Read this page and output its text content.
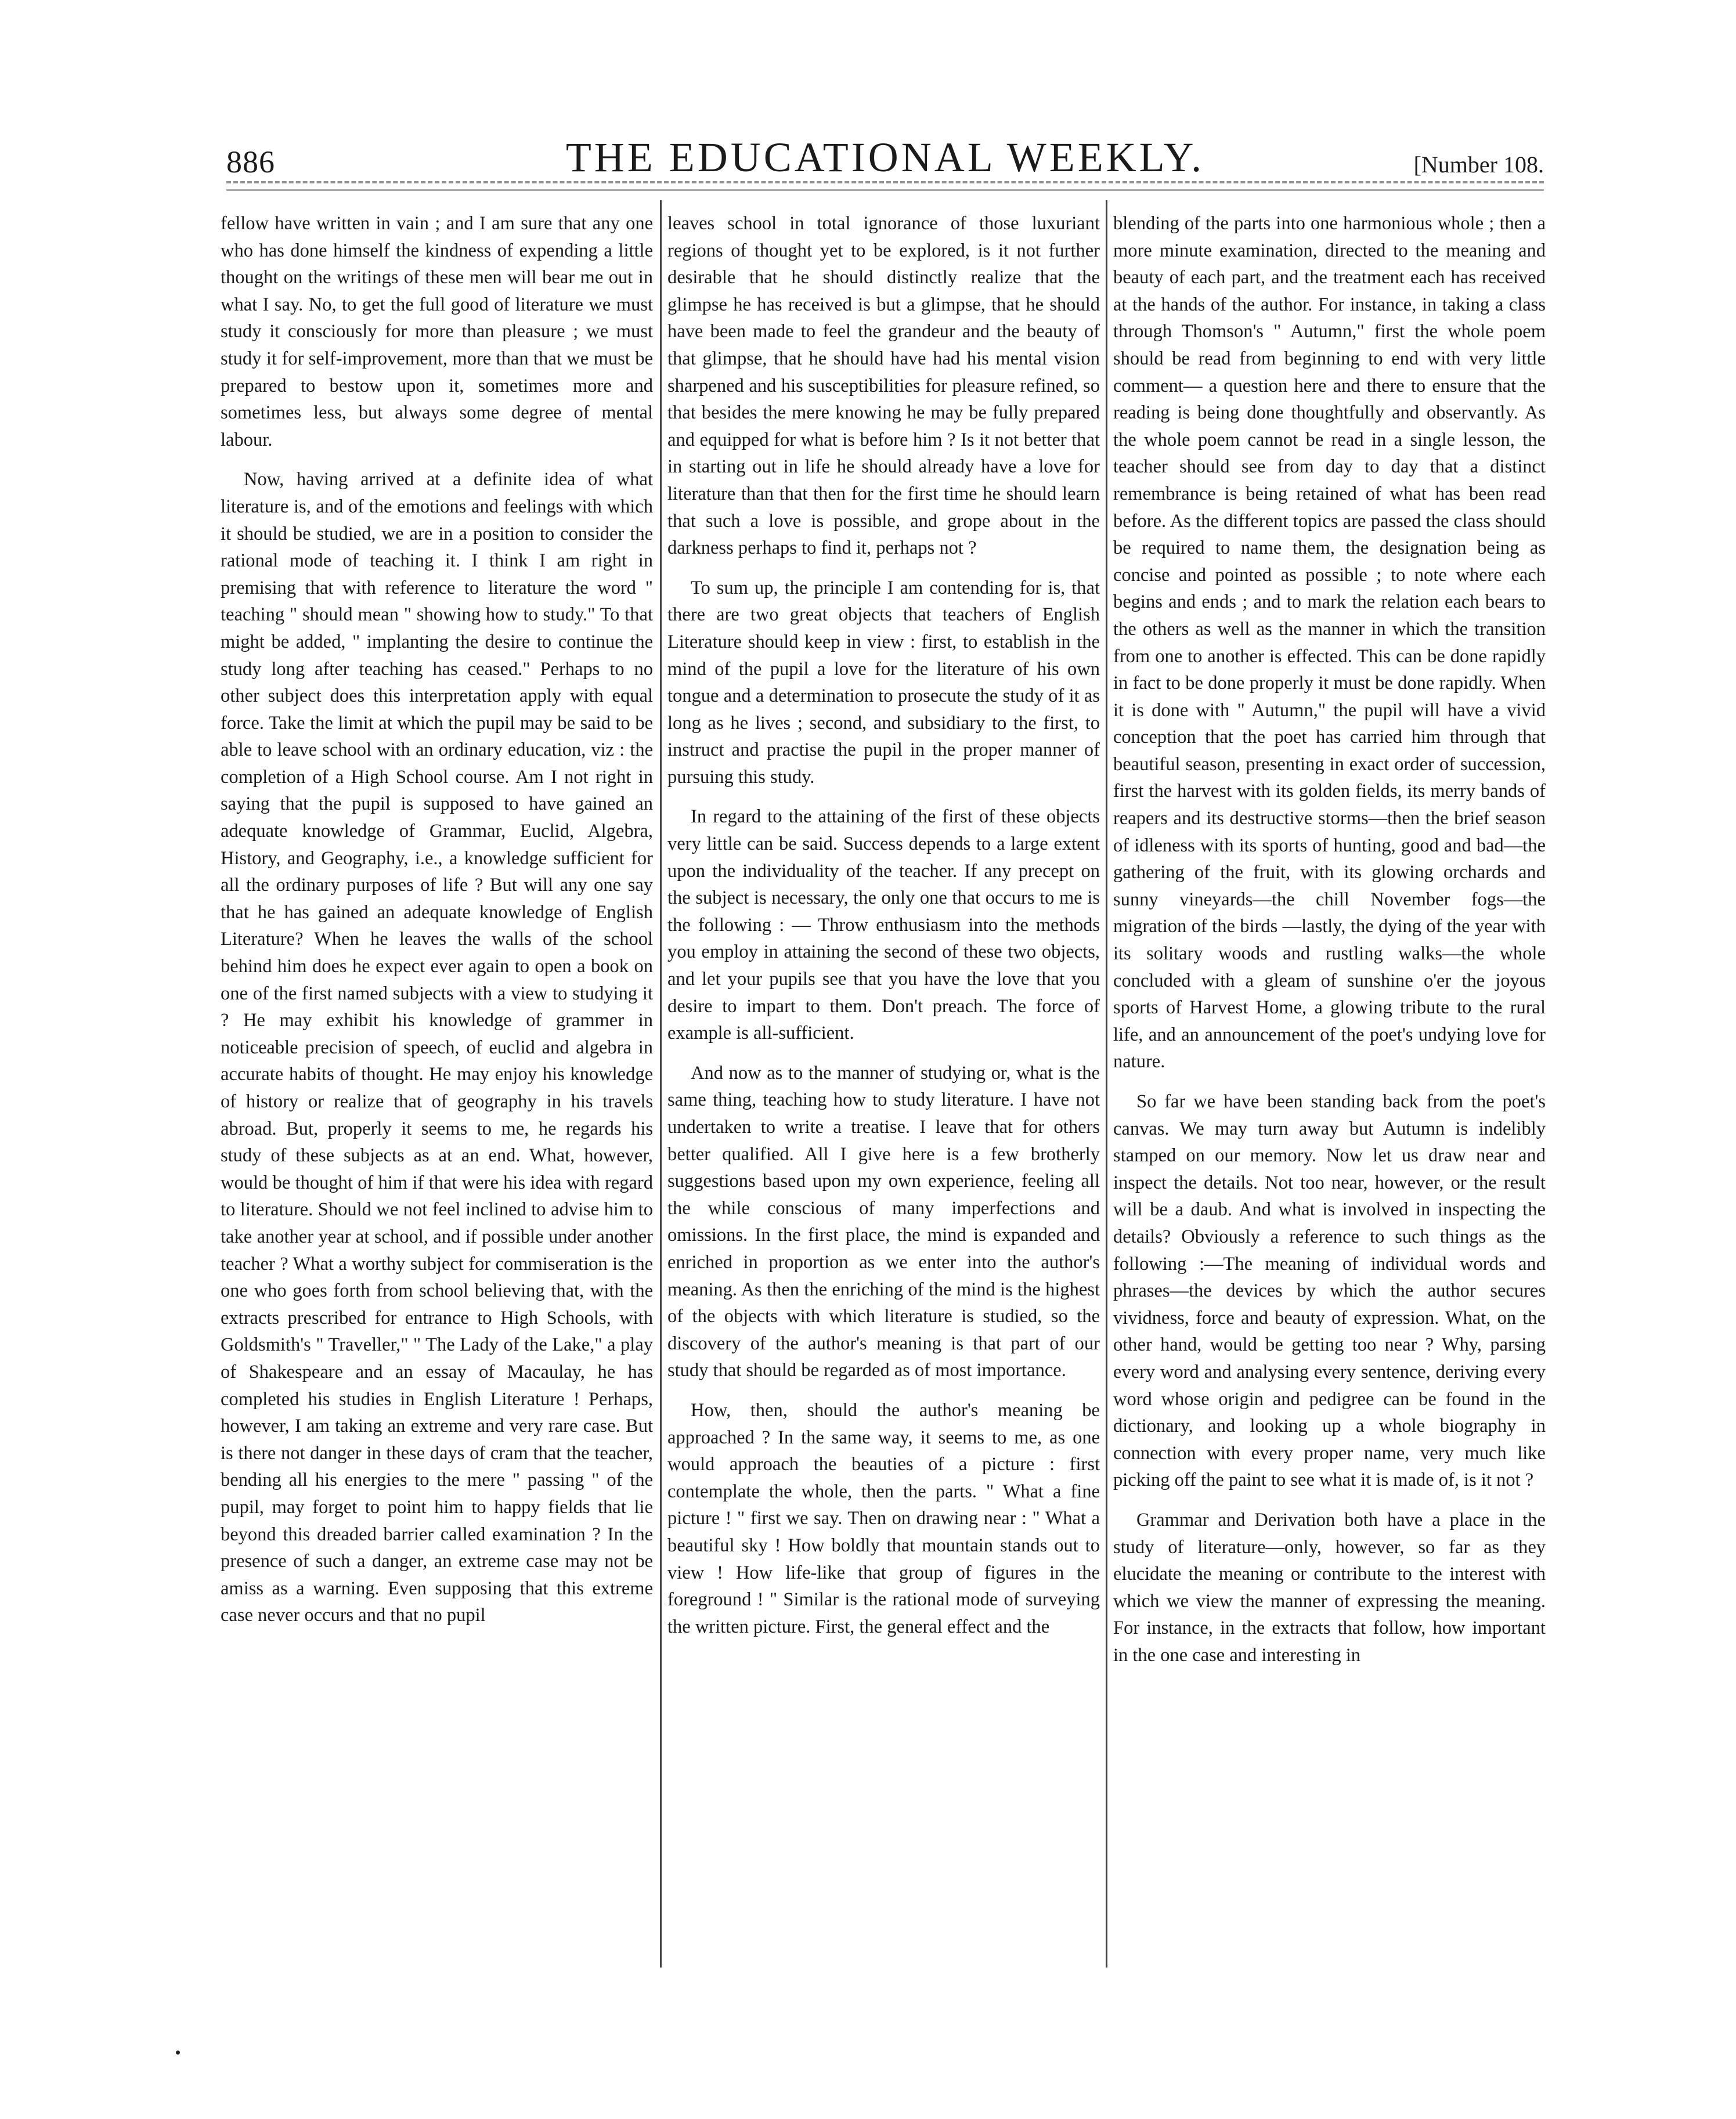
886	THE EDUCATIONAL WEEKLY.	[Number 108.

fellow have written in vain ; and I am sure that any one who has done himself the kindness of expending a little thought on the writings of these men will bear me out in what I say. No, to get the full good of literature we must study it consciously for more than pleasure ; we must study it for self-improvement, more than that we must be prepared to bestow upon it, sometimes more and sometimes less, but always some degree of mental labour.

Now, having arrived at a definite idea of what literature is, and of the emotions and feelings with which it should be studied, we are in a position to consider the rational mode of teaching it. I think I am right in premising that with reference to literature the word " teaching " should mean " showing how to study." To that might be added, " implanting the desire to continue the study long after teaching has ceased." Perhaps to no other subject does this interpretation apply with equal force. Take the limit at which the pupil may be said to be able to leave school with an ordinary education, viz : the completion of a High School course. Am I not right in saying that the pupil is supposed to have gained an adequate knowledge of Grammar, Euclid, Algebra, History, and Geography, i.e., a knowledge sufficient for all the ordinary purposes of life ? But will any one say that he has gained an adequate knowledge of English Literature? When he leaves the walls of the school behind him does he expect ever again to open a book on one of the first named subjects with a view to studying it ? He may exhibit his knowledge of grammer in noticeable precision of speech, of euclid and algebra in accurate habits of thought. He may enjoy his knowledge of history or realize that of geography in his travels abroad. But, properly it seems to me, he regards his study of these subjects as at an end. What, however, would be thought of him if that were his idea with regard to literature. Should we not feel inclined to advise him to take another year at school, and if possible under another teacher ? What a worthy subject for commiseration is the one who goes forth from school believing that, with the extracts prescribed for entrance to High Schools, with Goldsmith's " Traveller," " The Lady of the Lake," a play of Shakespeare and an essay of Macaulay, he has completed his studies in English Literature ! Perhaps, however, I am taking an extreme and very rare case. But is there not danger in these days of cram that the teacher, bending all his energies to the mere " passing " of the pupil, may forget to point him to happy fields that lie beyond this dreaded barrier called examination ? In the presence of such a danger, an extreme case may not be amiss as a warning. Even supposing that this extreme case never occurs and that no pupil

leaves school in total ignorance of those luxuriant regions of thought yet to be explored, is it not further desirable that he should distinctly realize that the glimpse he has received is but a glimpse, that he should have been made to feel the grandeur and the beauty of that glimpse, that he should have had his mental vision sharpened and his susceptibilities for pleasure refined, so that besides the mere knowing he may be fully prepared and equipped for what is before him ? Is it not better that in starting out in life he should already have a love for literature than that then for the first time he should learn that such a love is possible, and grope about in the darkness perhaps to find it, perhaps not ?

To sum up, the principle I am contending for is, that there are two great objects that teachers of English Literature should keep in view : first, to establish in the mind of the pupil a love for the literature of his own tongue and a determination to prosecute the study of it as long as he lives ; second, and subsidiary to the first, to instruct and practise the pupil in the proper manner of pursuing this study.

In regard to the attaining of the first of these objects very little can be said. Success depends to a large extent upon the individuality of the teacher. If any precept on the subject is necessary, the only one that occurs to me is the following : — Throw enthusiasm into the methods you employ in attaining the second of these two objects, and let your pupils see that you have the love that you desire to impart to them. Don't preach. The force of example is all-sufficient.

And now as to the manner of studying or, what is the same thing, teaching how to study literature. I have not undertaken to write a treatise. I leave that for others better qualified. All I give here is a few brotherly suggestions based upon my own experience, feeling all the while conscious of many imperfections and omissions. In the first place, the mind is expanded and enriched in proportion as we enter into the author's meaning. As then the enriching of the mind is the highest of the objects with which literature is studied, so the discovery of the author's meaning is that part of our study that should be regarded as of most importance.

How, then, should the author's meaning be approached ? In the same way, it seems to me, as one would approach the beauties of a picture : first contemplate the whole, then the parts. " What a fine picture ! " first we say. Then on drawing near : " What a beautiful sky ! How boldly that mountain stands out to view ! How life-like that group of figures in the foreground ! " Similar is the rational mode of surveying the written picture. First, the general effect and the

blending of the parts into one harmonious whole ; then a more minute examination, directed to the meaning and beauty of each part, and the treatment each has received at the hands of the author. For instance, in taking a class through Thomson's " Autumn," first the whole poem should be read from beginning to end with very little comment— a question here and there to ensure that the reading is being done thoughtfully and observantly. As the whole poem cannot be read in a single lesson, the teacher should see from day to day that a distinct remembrance is being retained of what has been read before. As the different topics are passed the class should be required to name them, the designation being as concise and pointed as possible ; to note where each begins and ends ; and to mark the relation each bears to the others as well as the manner in which the transition from one to another is effected. This can be done rapidly in fact to be done properly it must be done rapidly. When it is done with " Autumn," the pupil will have a vivid conception that the poet has carried him through that beautiful season, presenting in exact order of succession, first the harvest with its golden fields, its merry bands of reapers and its destructive storms—then the brief season of idleness with its sports of hunting, good and bad—the gathering of the fruit, with its glowing orchards and sunny vineyards—the chill November fogs—the migration of the birds —lastly, the dying of the year with its solitary woods and rustling walks—the whole concluded with a gleam of sunshine o'er the joyous sports of Harvest Home, a glowing tribute to the rural life, and an announcement of the poet's undying love for nature.

So far we have been standing back from the poet's canvas. We may turn away but Autumn is indelibly stamped on our memory. Now let us draw near and inspect the details. Not too near, however, or the result will be a daub. And what is involved in inspecting the details? Obviously a reference to such things as the following :—The meaning of individual words and phrases—the devices by which the author secures vividness, force and beauty of expression. What, on the other hand, would be getting too near ? Why, parsing every word and analysing every sentence, deriving every word whose origin and pedigree can be found in the dictionary, and looking up a whole biography in connection with every proper name, very much like picking off the paint to see what it is made of, is it not ?

Grammar and Derivation both have a place in the study of literature—only, however, so far as they elucidate the meaning or contribute to the interest with which we view the manner of expressing the meaning. For instance, in the extracts that follow, how important in the one case and interesting in
